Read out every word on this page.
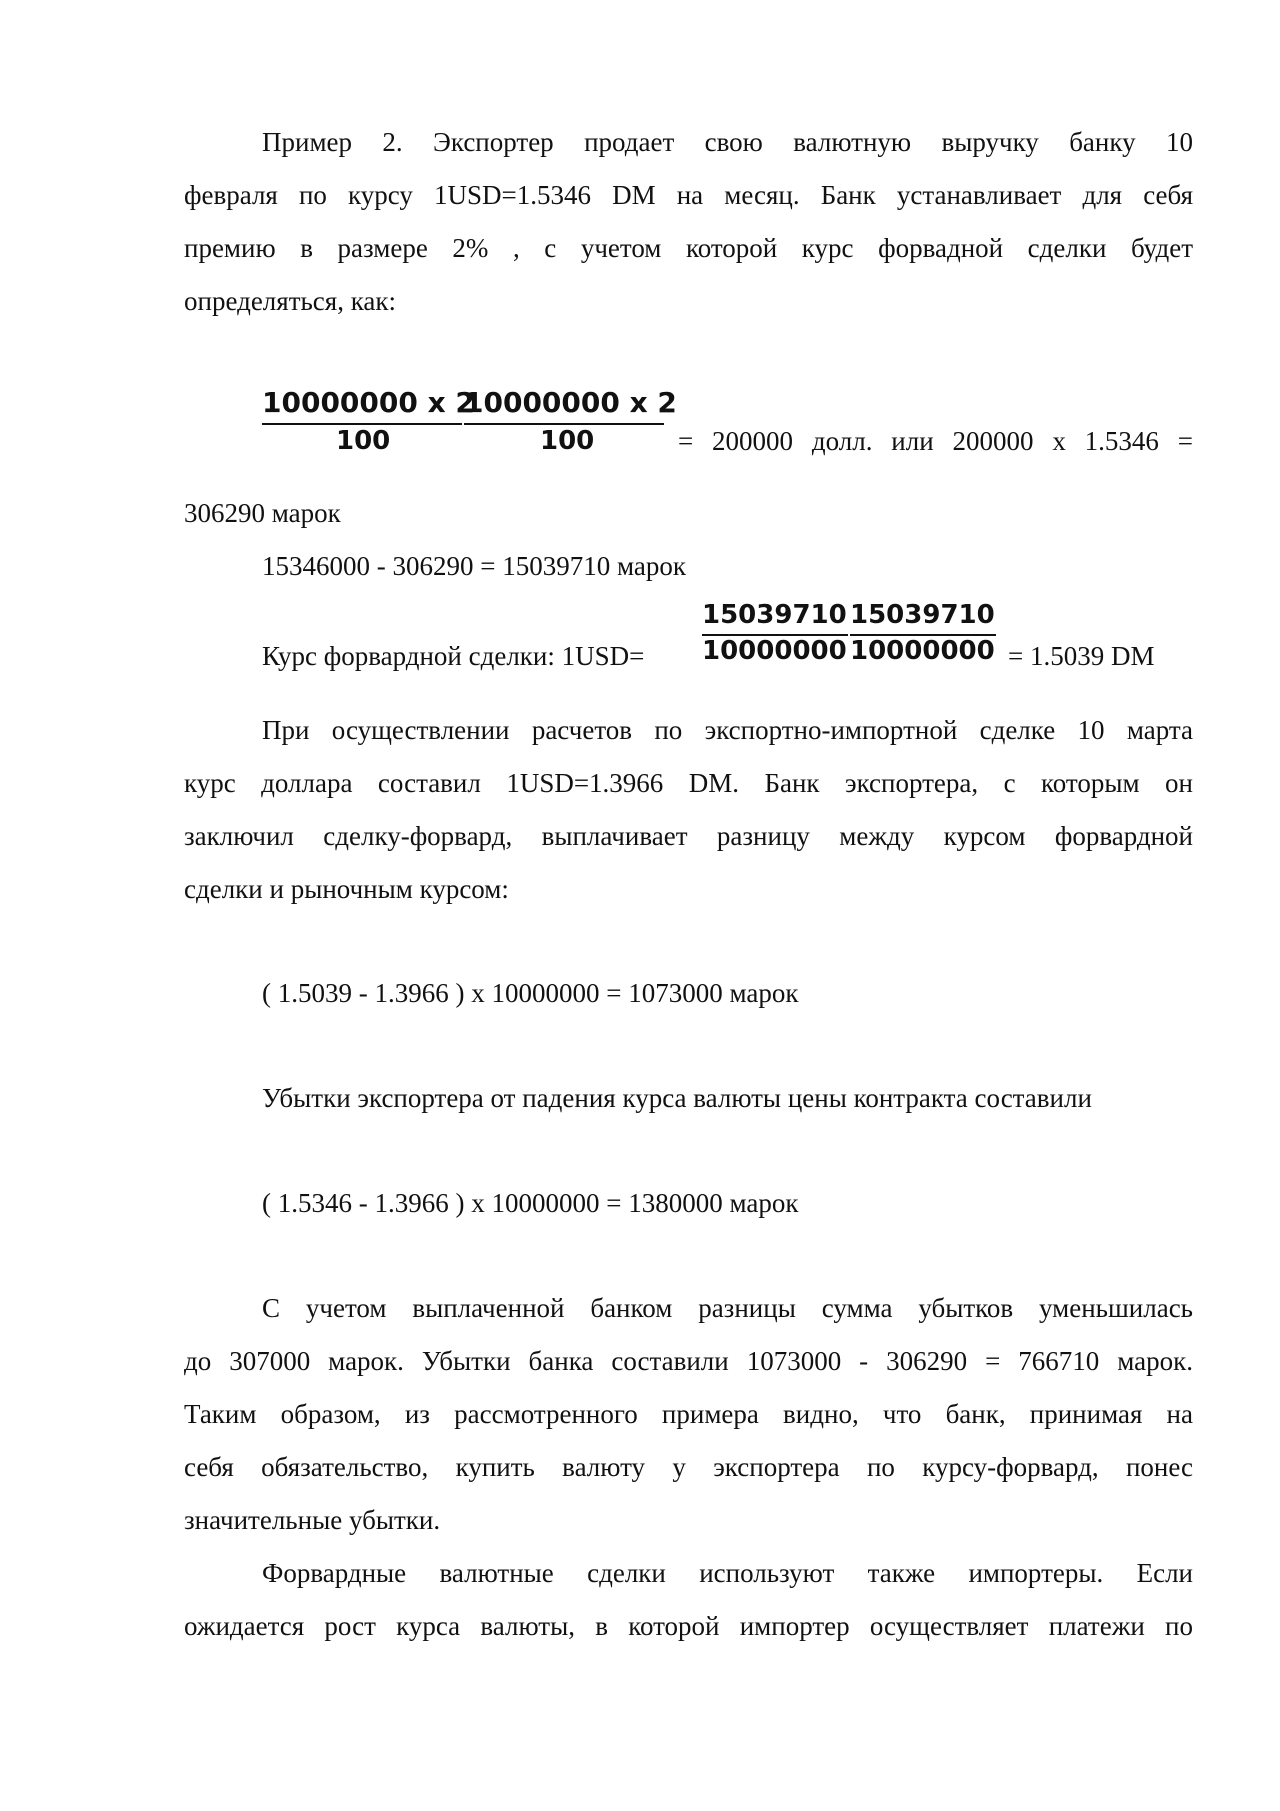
Пример 2. Экспортер продает свою валютную выручку банку 10
февраля по курсу 1USD=1.5346 DM на месяц. Банк устанавливает для себя
премию в размере 2% , с учетом которой курс форвадной сделки будет
определяться, как:
10000000 x 2
100
10000000 x 2
100	= 200000 долл. или 200000 х 1.5346 =
306290 марок
15346000 - 306290 = 15039710 марок
Курс форвардной сделки: 1USD=
15039710
10000000
15039710
10000000 = 1.5039 DM
При осуществлении расчетов по экспортно-импортной сделке 10 марта
курс доллара составил 1USD=1.3966 DM. Банк экспортера, с которым он
заключил сделку-форвард, выплачивает разницу между курсом форвардной
сделки и рыночным курсом:
( 1.5039 - 1.3966 ) х 10000000 = 1073000 марок
Убытки экспортера от падения курса валюты цены контракта составили
( 1.5346 - 1.3966 ) х 10000000 = 1380000 марок
С учетом выплаченной банком разницы сумма убытков уменьшилась
до 307000 марок. Убытки банка составили 1073000 - 306290 = 766710 марок.
Таким образом, из рассмотренного примера видно, что банк, принимая на
себя обязательство, купить валюту у экспортера по курсу-форвард, понес
значительные убытки.
Форвардные валютные сделки используют также импортеры. Если
ожидается рост курса валюты, в которой импортер осуществляет платежи по
